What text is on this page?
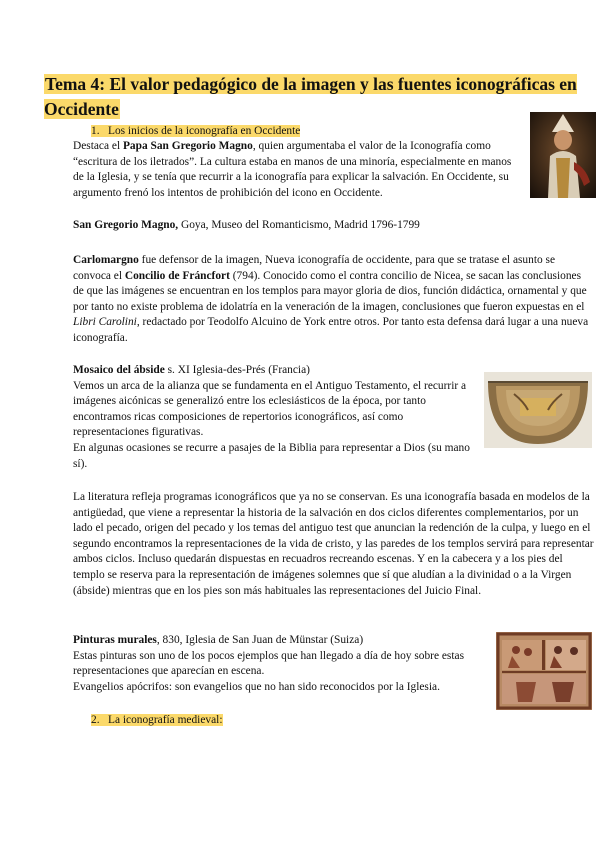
Tema 4: El valor pedagógico de la imagen y las fuentes iconográficas en Occidente
1. Los inicios de la iconografía en Occidente

Destaca el Papa San Gregorio Magno, quien argumentaba el valor de la Iconografía como “escritura de los iletrados”. La cultura estaba en manos de una minoría, especialmente en manos de la Iglesia, y se tenía que recurrir a la iconografía para explicar la salvación. En Occidente, su argumento frenó los intentos de prohibición del icono en Occidente.

San Gregorio Magno, Goya, Museo del Romanticismo, Madrid 1796-1799

Carlomargno fue defensor de la imagen, Nueva iconografía de occidente, para que se tratase el asunto se convoca el Concilio de Fráncfort (794). Conocido como el contra concilio de Nicea, se sacan las conclusiones de que las imágenes se encuentran en los templos para mayor gloria de dios, función didáctica, ornamental y que por tanto no existe problema de idolatría en la veneración de la imagen, conclusiones que fueron expuestas en el Libri Carolini, redactado por Teodolfo Alcuino de York entre otros. Por tanto esta defensa dará lugar a una nueva iconografía.

Mosaico del ábside s. XI Iglesia-des-Prés (Francia)

Vemos un arca de la alianza que se fundamenta en el Antiguo Testamento, el recurrir a imágenes aicónicas se generalizó entre los eclesiásticos de la época, por tanto encontramos ricas composiciones de repertorios iconográficos, así como representaciones figurativas.

En algunas ocasiones se recurre a pasajes de la Biblia para representar a Dios (su mano sí).

La literatura refleja programas iconográficos que ya no se conservan. Es una iconografía basada en modelos de la antigüedad, que viene a representar la historia de la salvación en dos ciclos diferentes complementarios, por un lado el pecado, origen del pecado y los temas del antiguo test que anuncian la redención de la culpa, y luego en el segundo encontramos la representaciones de la vida de cristo, y las paredes de los templos servirá para representar ambos ciclos. Incluso quedarán dispuestas en recuadros recreando escenas. Y en la cabecera y a los pies del templo se reserva para la representación de imágenes solemnes que sí que aludían a la divinidad o a la Virgen (ábside) mientras que en los pies son más habituales las representaciones del Juicio Final.

Pinturas murales, 830, Iglesia de San Juan de Münstar (Suiza)

Estas pinturas son uno de los pocos ejemplos que han llegado a día de hoy sobre estas representaciones que aparecían en escena.

Evangelios apócrifos: son evangelios que no han sido reconocidos por la Iglesia.

2. La iconografía medieval:
